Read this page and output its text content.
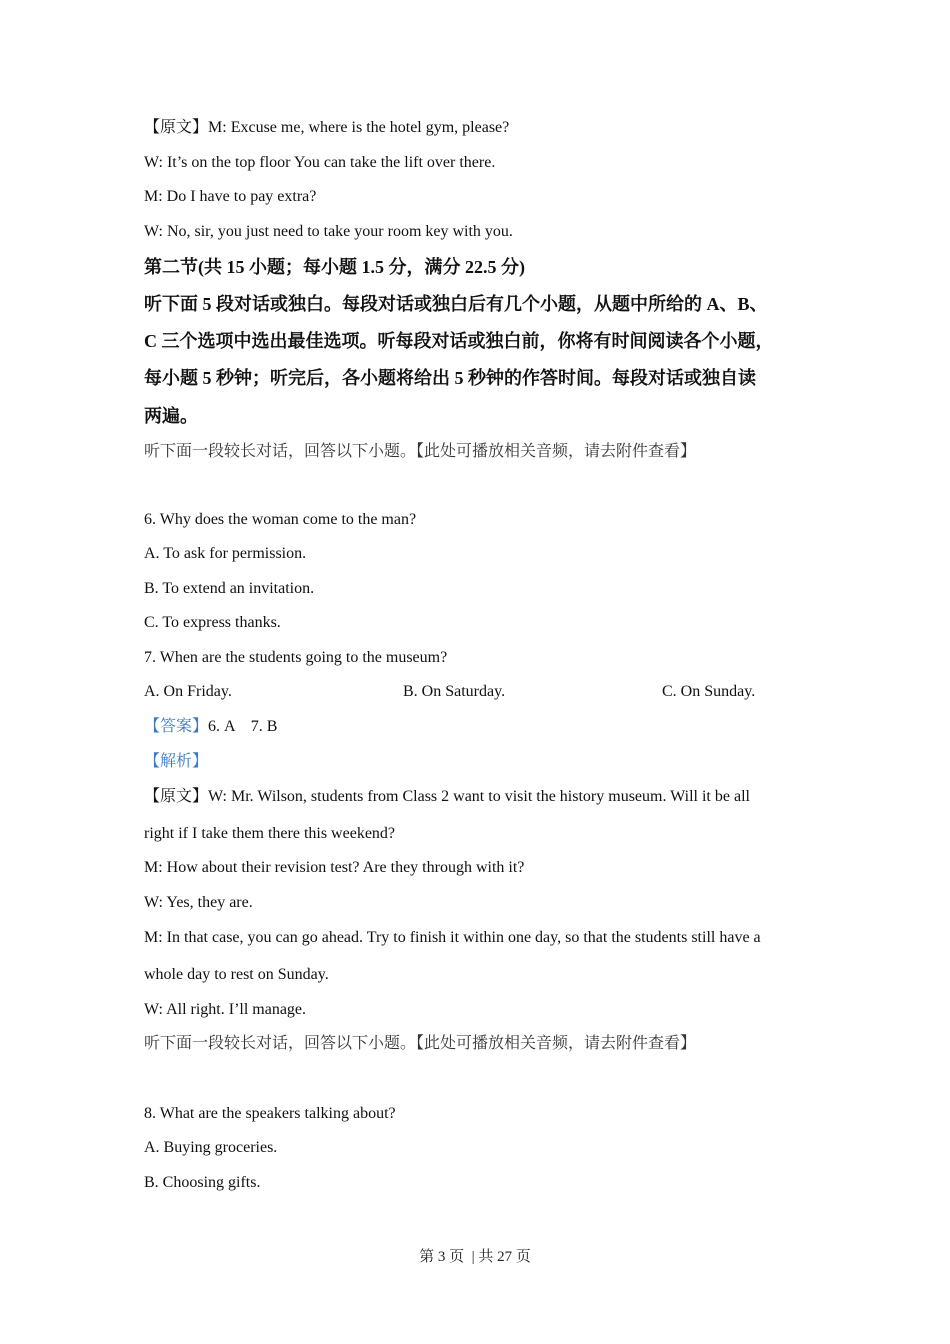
【原文】M: Excuse me, where is the hotel gym, please?
W: It’s on the top floor You can take the lift over there.
M: Do I have to pay extra?
W: No, sir, you just need to take your room key with you.
第二节(共 15 小题；每小题 1.5 分，满分 22.5 分)
听下面 5 段对话或独白。每段对话或独白后有几个小题，从题中所给的 A、B、
C 三个选项中选出最佳选项。听每段对话或独白前，你将有时间阅读各个小题，
每小题 5 秒钟；听完后，各小题将给出 5 秒钟的作答时间。每段对话或独自读
两遍。
听下面一段较长对话，回答以下小题。【此处可播放相关音频，请去附件查看】
6. Why does the woman come to the man?
A. To ask for permission.
B. To extend an invitation.
C. To express thanks.
7. When are the students going to the museum?
A. On Friday.	B. On Saturday.	C. On Sunday.
【答案】6. A    7. B
【解析】
【原文】W: Mr. Wilson, students from Class 2 want to visit the history museum. Will it be all
right if I take them there this weekend?
M: How about their revision test? Are they through with it?
W: Yes, they are.
M: In that case, you can go ahead. Try to finish it within one day, so that the students still have a
whole day to rest on Sunday.
W: All right. I’ll manage.
听下面一段较长对话，回答以下小题。【此处可播放相关音频，请去附件查看】
8. What are the speakers talking about?
A. Buying groceries.
B. Choosing gifts.
第 3 页  | 共 27 页
